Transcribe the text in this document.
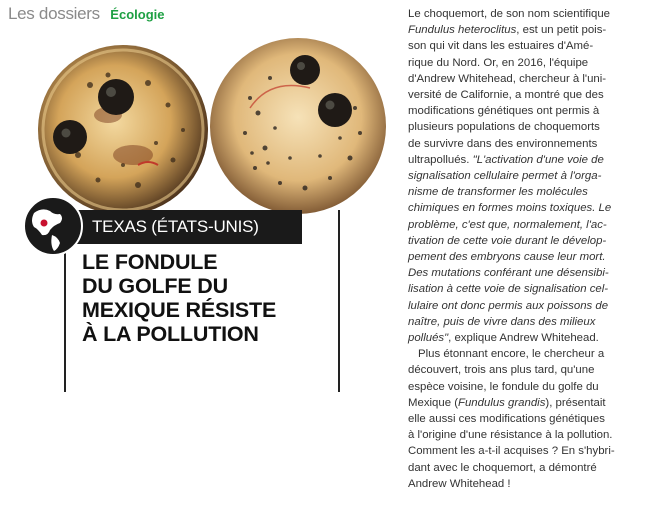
Les dossiers Écologie
TEXAS (ÉTATS-UNIS)
LE FONDULE
DU GOLFE DU
MEXIQUE RÉSISTE
À LA POLLUTION
Le choquemort, de son nom scientifique
Fundulus heteroclitus, est un petit pois-
son qui vit dans les estuaires d'Amé-
rique du Nord. Or, en 2016, l'équipe
d'Andrew Whitehead, chercheur à l'uni-
versité de Californie, a montré que des
modifications génétiques ont permis à
plusieurs populations de choquemorts
de survivre dans des environnements
ultrapollués. "L'activation d'une voie de
signalisation cellulaire permet à l'orga-
nisme de transformer les molécules
chimiques en formes moins toxiques. Le
problème, c'est que, normalement, l'ac-
tivation de cette voie durant le dévelop-
pement des embryons cause leur mort.
Des mutations conférant une désensibi-
lisation à cette voie de signalisation cel-
lulaire ont donc permis aux poissons de
naître, puis de vivre dans des milieux
pollués", explique Andrew Whitehead.
Plus étonnant encore, le chercheur a
découvert, trois ans plus tard, qu'une
espèce voisine, le fondule du golfe du
Mexique (Fundulus grandis), présentait
elle aussi ces modifications génétiques
à l'origine d'une résistance à la pollution.
Comment les a-t-il acquises ? En s'hybri-
dant avec le choquemort, a démontré
Andrew Whitehead !
